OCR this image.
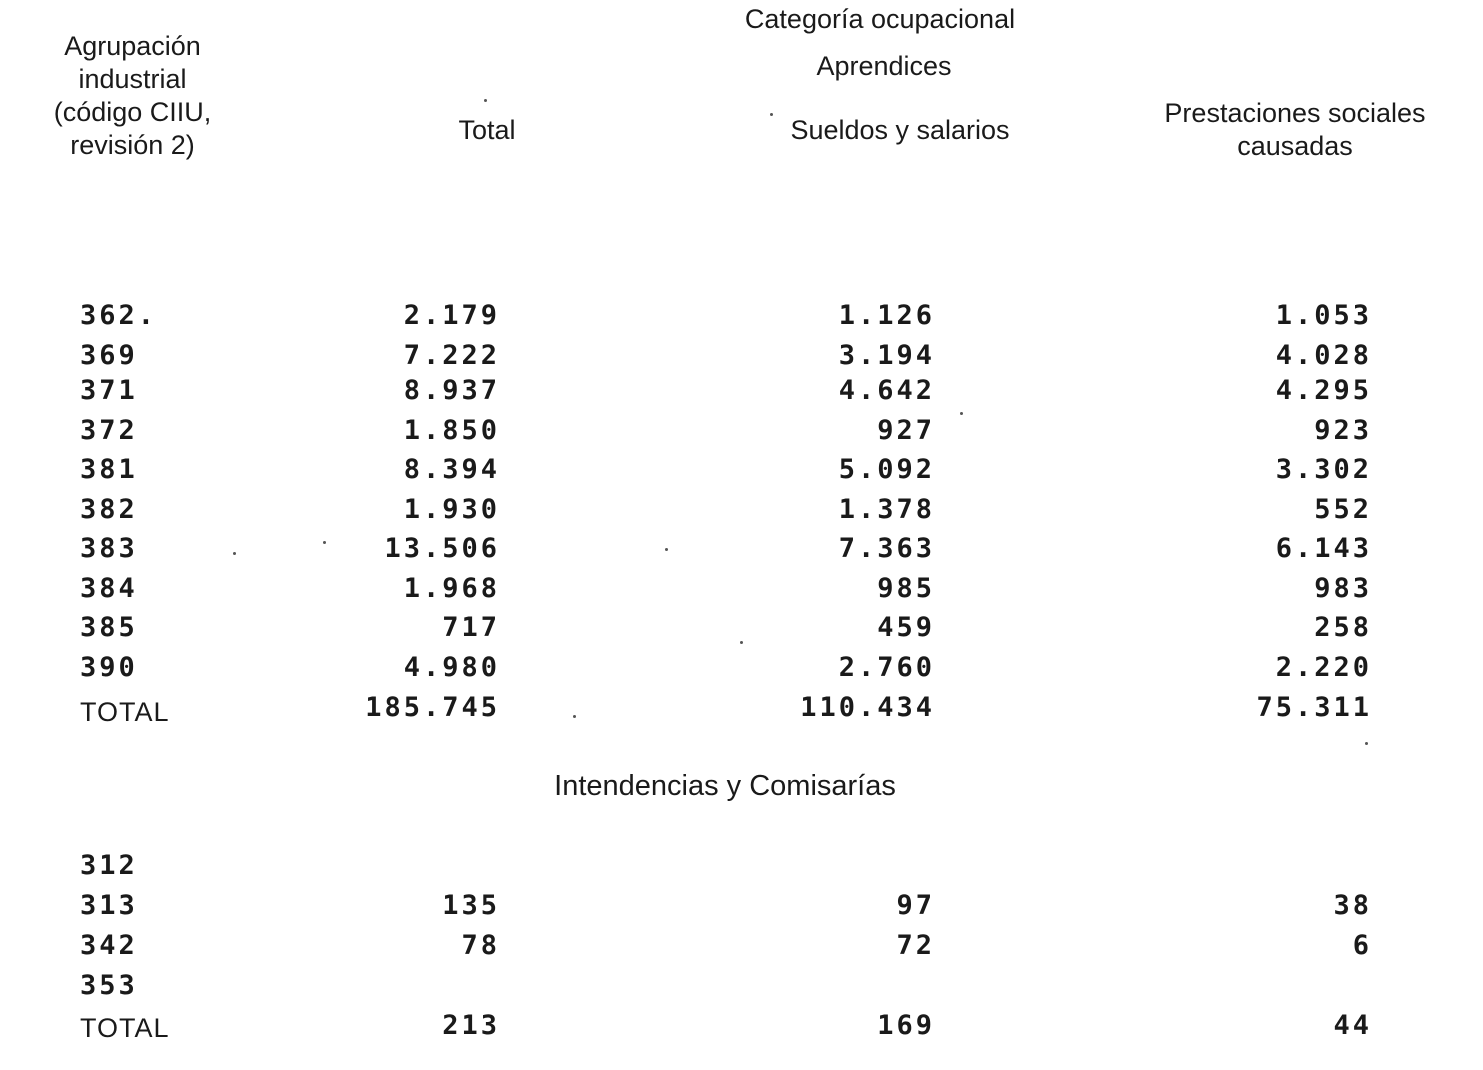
Agrupación
industrial
(código CIIU,
revisión 2)
Categoría ocupacional
Aprendices
Total	Sueldos y salarios
Prestaciones sociales
causadas
362.	2.179	1.126	1.053
369	7.222	3.194	4.028
371	8.937	4.642	4.295
372	1.850	927	923
381	8.394	5.092	3.302
382	1.930	1.378	552
383	13.506	7.363	6.143
384	1.968	985	983
385	717	459	258
390	4.980	2.760	2.220
TOTAL	185.745	110.434	75.311
Intendencias y Comisarías
312
313	135	97	38
342	78	72	6
353
TOTAL	213	169	44
